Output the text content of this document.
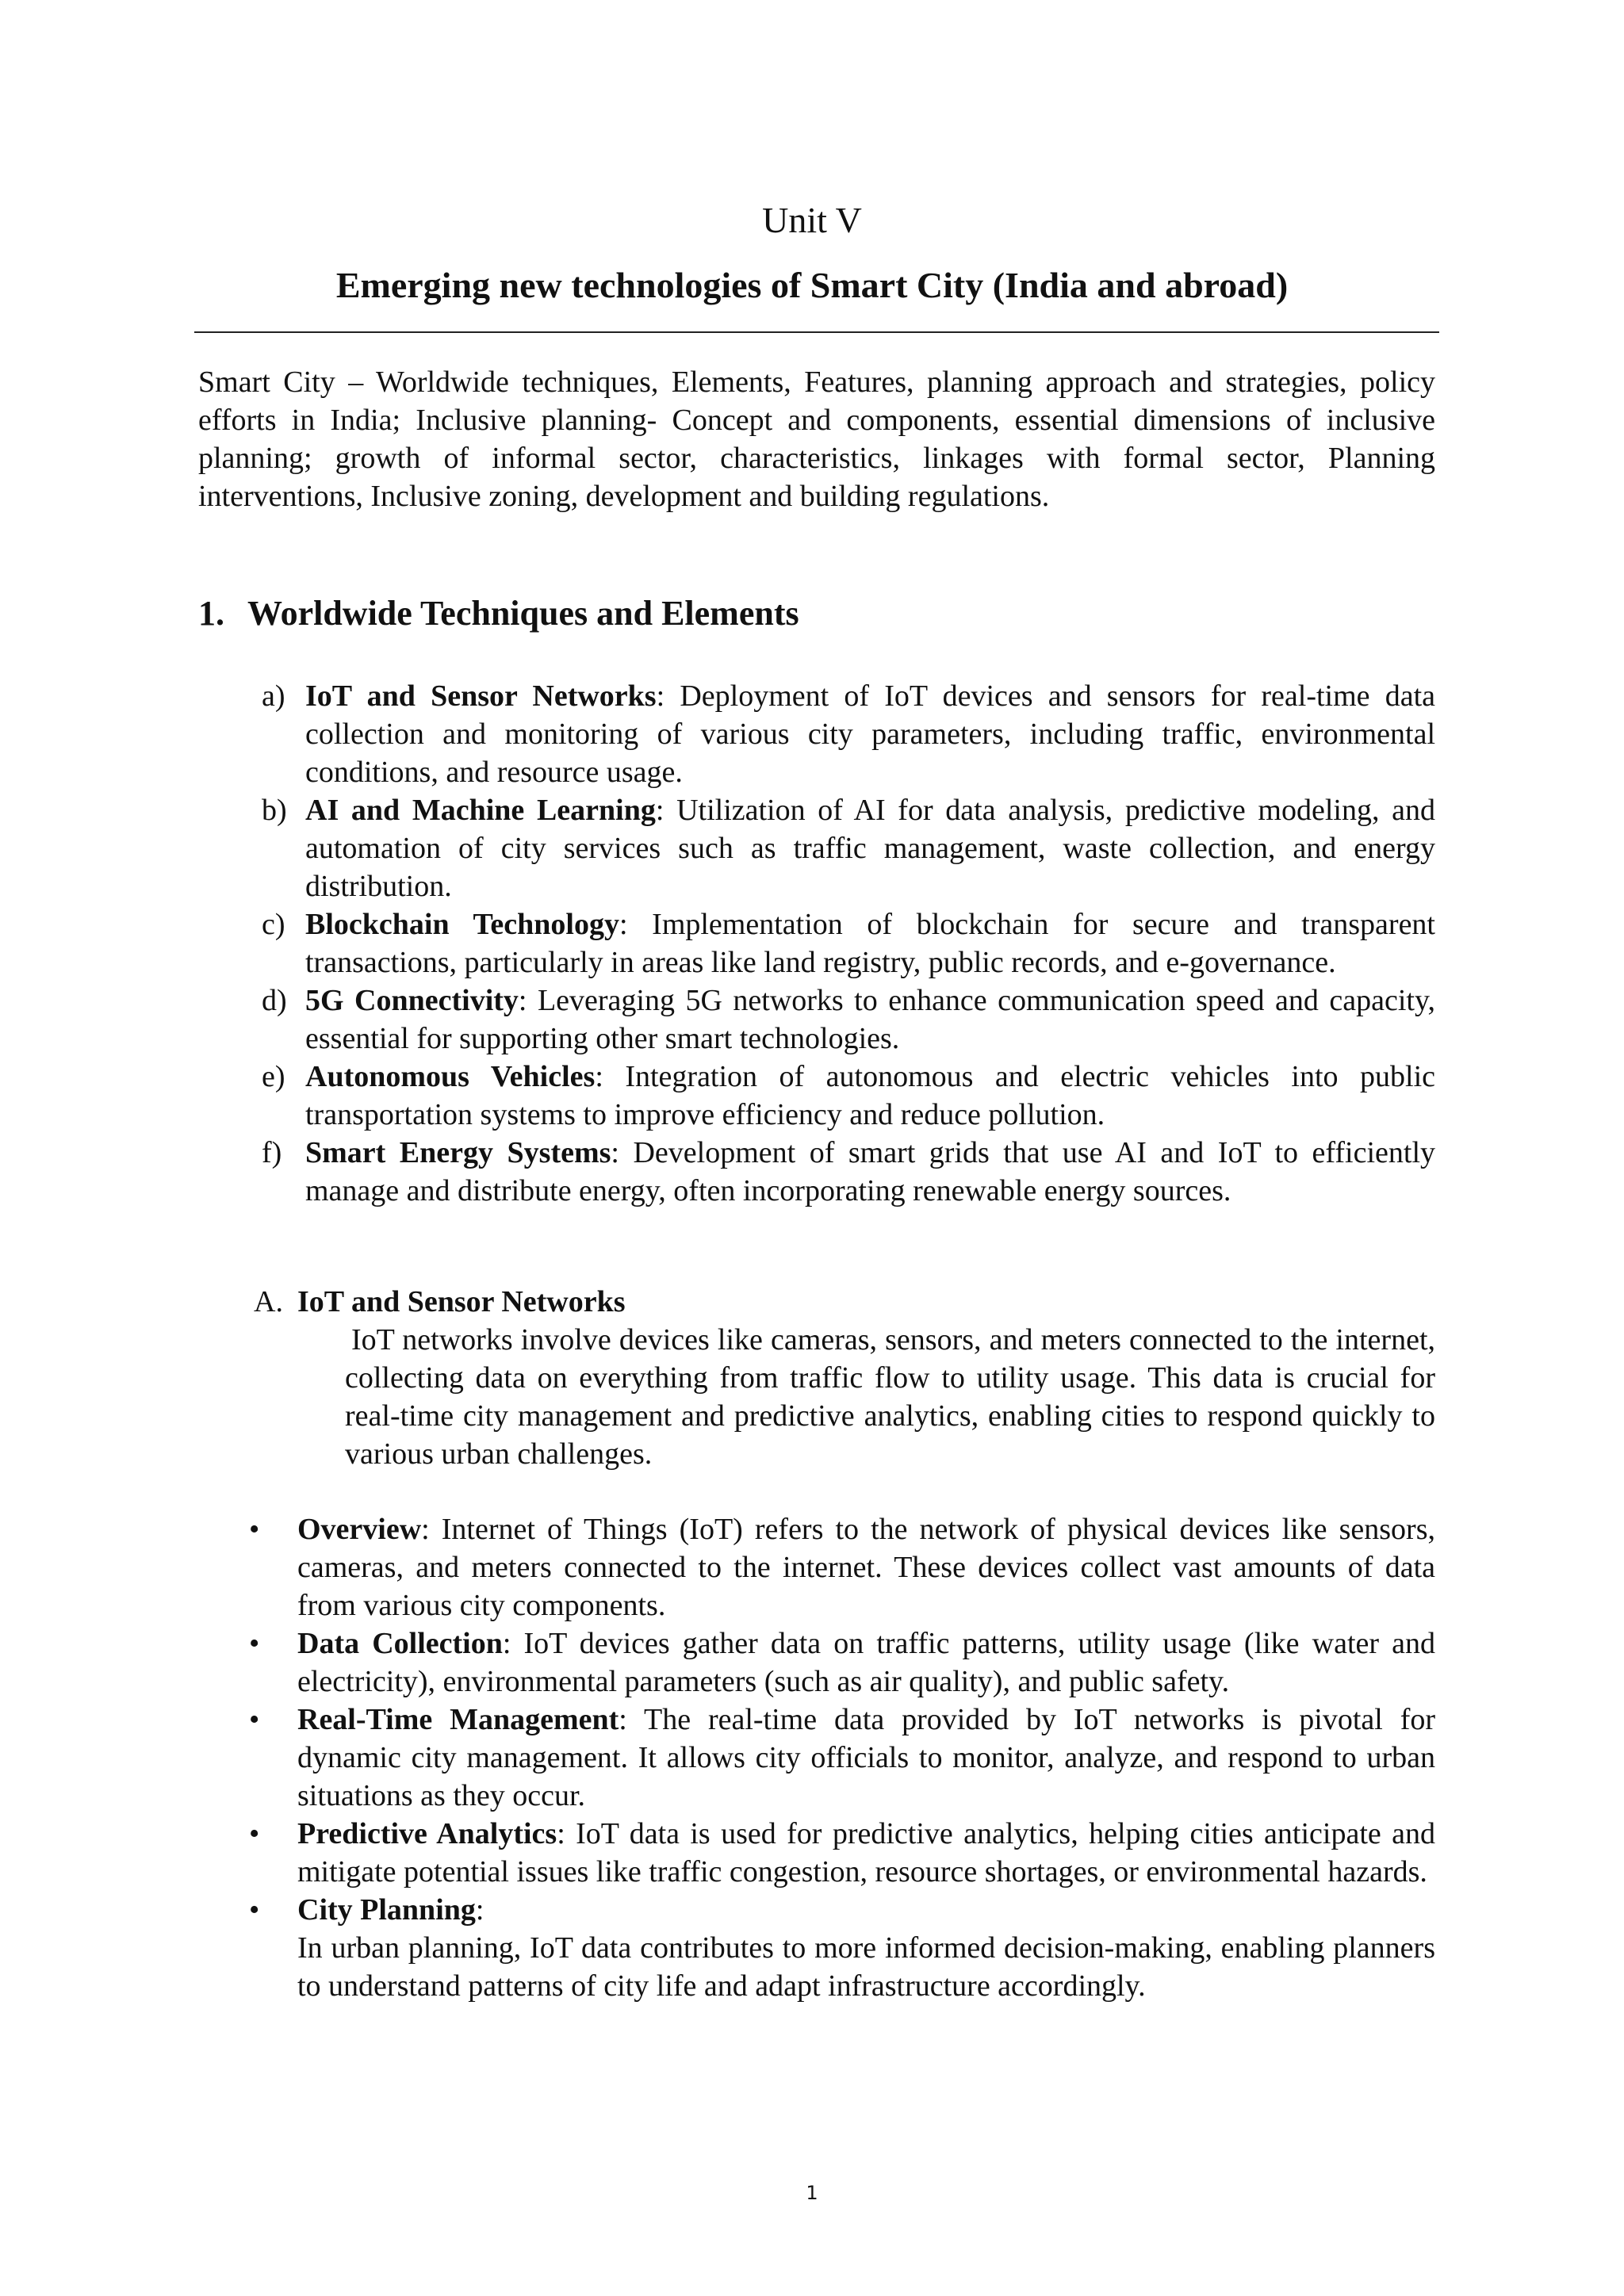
Unit V
Emerging new technologies of Smart City (India and abroad)

Smart City – Worldwide techniques, Elements, Features, planning approach and strategies, policy efforts in India; Inclusive planning- Concept and components, essential dimensions of inclusive planning; growth of informal sector, characteristics, linkages with formal sector, Planning interventions, Inclusive zoning, development and building regulations.

1. Worldwide Techniques and Elements
a) IoT and Sensor Networks: Deployment of IoT devices and sensors for real-time data collection and monitoring of various city parameters, including traffic, environmental conditions, and resource usage.
b) AI and Machine Learning: Utilization of AI for data analysis, predictive modeling, and automation of city services such as traffic management, waste collection, and energy distribution.
c) Blockchain Technology: Implementation of blockchain for secure and transparent transactions, particularly in areas like land registry, public records, and e-governance.
d) 5G Connectivity: Leveraging 5G networks to enhance communication speed and capacity, essential for supporting other smart technologies.
e) Autonomous Vehicles: Integration of autonomous and electric vehicles into public transportation systems to improve efficiency and reduce pollution.
f) Smart Energy Systems: Development of smart grids that use AI and IoT to efficiently manage and distribute energy, often incorporating renewable energy sources.
A. IoT and Sensor Networks
IoT networks involve devices like cameras, sensors, and meters connected to the internet, collecting data on everything from traffic flow to utility usage. This data is crucial for real-time city management and predictive analytics, enabling cities to respond quickly to various urban challenges.
• Overview: Internet of Things (IoT) refers to the network of physical devices like sensors, cameras, and meters connected to the internet. These devices collect vast amounts of data from various city components.
• Data Collection: IoT devices gather data on traffic patterns, utility usage (like water and electricity), environmental parameters (such as air quality), and public safety.
• Real-Time Management: The real-time data provided by IoT networks is pivotal for dynamic city management. It allows city officials to monitor, analyze, and respond to urban situations as they occur.
• Predictive Analytics: IoT data is used for predictive analytics, helping cities anticipate and mitigate potential issues like traffic congestion, resource shortages, or environmental hazards.
• City Planning:
In urban planning, IoT data contributes to more informed decision-making, enabling planners to understand patterns of city life and adapt infrastructure accordingly.
1
